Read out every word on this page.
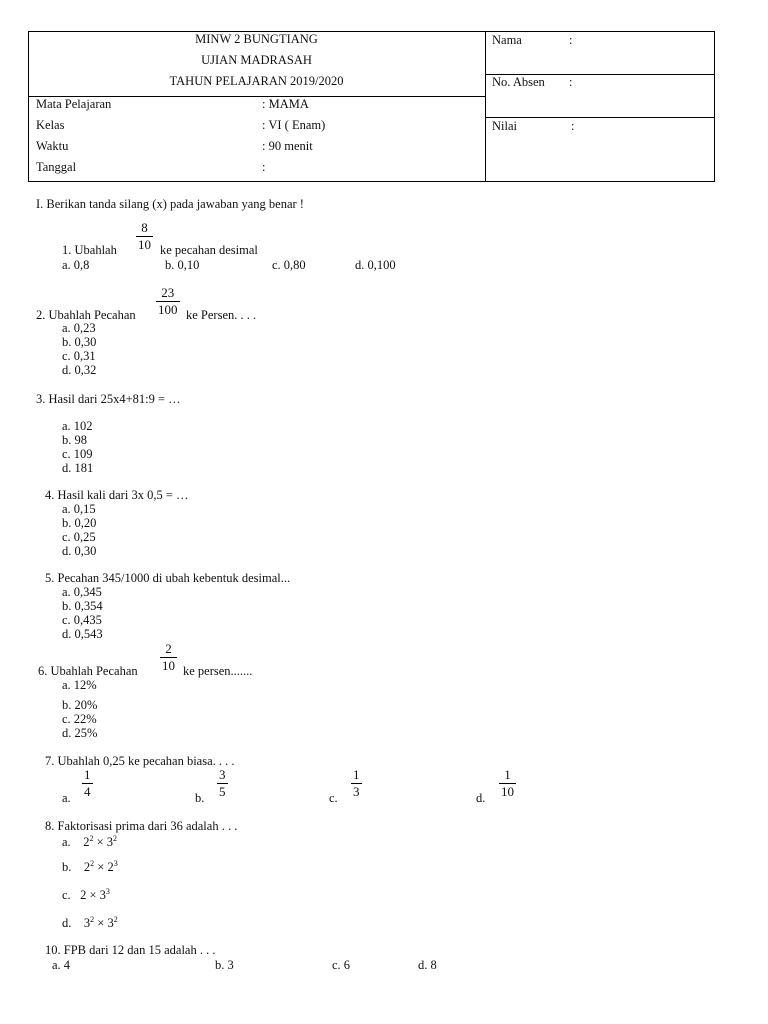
MINW 2 BUNGTIANG
UJIAN MADRASAH
TAHUN PELAJARAN 2019/2020
Mata Pelajaran	: MAMA
Kelas	: VI ( Enam)
Waktu	: 90 menit
Tanggal	:
Nama	:
No. Absen :
Nilai	:
I. Berikan tanda silang (x) pada jawaban yang benar !
1. Ubahlah $\frac{8}{10}$ ke pecahan desimal
a. 0,8	b. 0,10	c. 0,80	d. 0,100
2. Ubahlah Pecahan $\frac{23}{100}$ ke Persen. . . .
a. 0,23
b. 0,30
c. 0,31
d. 0,32
3. Hasil dari 25x4+81:9 = …
a. 102
b. 98
c. 109
d. 181
4. Hasil kali dari 3x 0,5 = …
a. 0,15
b. 0,20
c. 0,25
d. 0,30
5. Pecahan 345/1000 di ubah kebentuk desimal...
a. 0,345
b. 0,354
c. 0,435
d. 0,543
6. Ubahlah Pecahan $\frac{2}{10}$ ke persen.......
a. 12%
b. 20%
c. 22%
d. 25%
7. Ubahlah 0,25 ke pecahan biasa. . . .
a. $\frac{1}{4}$	b. $\frac{3}{5}$	c. $\frac{1}{3}$	d. $\frac{1}{10}$
8. Faktorisasi prima dari 36 adalah . . .
a. $2^2 \times 3^2$
b. $2^2 \times 2^3$
c. $2 \times 3^3$
d. $3^2 \times 3^2$
10. FPB dari 12 dan 15 adalah . . .
a. 4	b. 3	c. 6	d. 8
